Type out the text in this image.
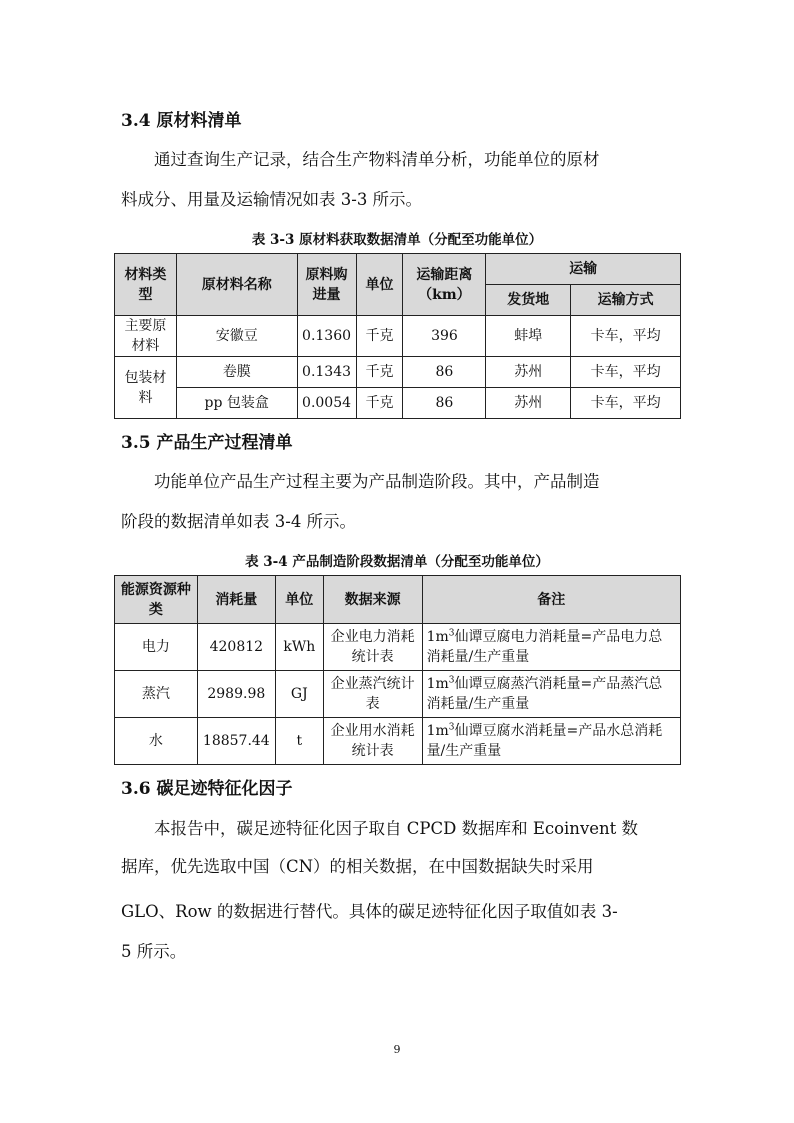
3.4 原材料清单
通过查询生产记录，结合生产物料清单分析，功能单位的原材
料成分、用量及运输情况如表 3-3 所示。
表 3-3 原材料获取数据清单（分配至功能单位）
材料类型	原材料名称	原料购进量	单位	运输距离（km）	运输	
					发货地	运输方式
主要原材料	安徽豆	0.1360	千克	396	蚌埠	卡车，平均
包装材料	卷膜	0.1343	千克	86	苏州	卡车，平均
	pp 包装盒	0.0054	千克	86	苏州	卡车，平均
3.5 产品生产过程清单
功能单位产品生产过程主要为产品制造阶段。其中，产品制造
阶段的数据清单如表 3-4 所示。
表 3-4 产品制造阶段数据清单（分配至功能单位）
能源资源种类	消耗量	单位	数据来源	备注
电力	420812	kWh	企业电力消耗统计表	$1m^3$仙谭豆腐电力消耗量=产品电力总消耗量/生产重量
蒸汽	2989.98	GJ	企业蒸汽统计表	$1m^3$仙谭豆腐蒸汽消耗量=产品蒸汽总消耗量/生产重量
水	18857.44	t	企业用水消耗统计表	$1m^3$仙谭豆腐水消耗量=产品水总消耗量/生产重量
3.6 碳足迹特征化因子
本报告中，碳足迹特征化因子取自 CPCD 数据库和 Ecoinvent 数
据库，优先选取中国（CN）的相关数据，在中国数据缺失时采用
GLO、Row 的数据进行替代。具体的碳足迹特征化因子取值如表 3-
5 所示。
9
